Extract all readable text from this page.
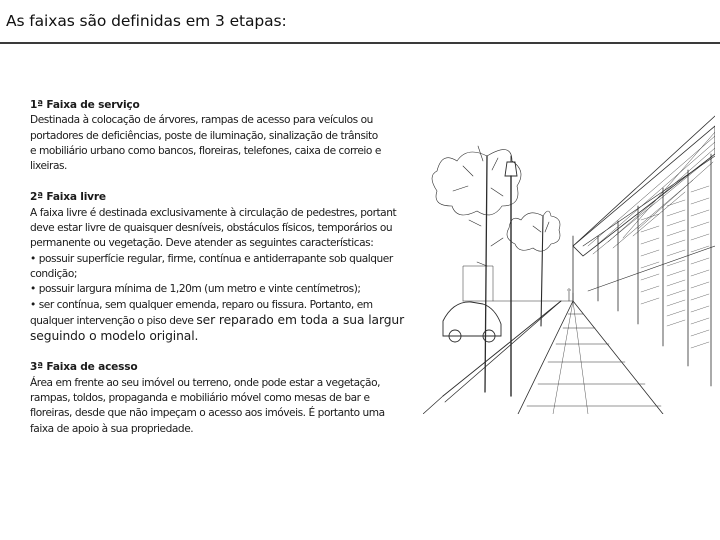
As faixas são definidas em 3 etapas:
1ª Faixa de serviço
Destinada à colocação de árvores, rampas de acesso para veículos ou
portadores de deficiências, poste de iluminação, sinalização de trânsito
e mobiliário urbano como bancos, floreiras, telefones, caixa de correio e
lixeiras.
2ª Faixa livre
A faixa livre é destinada exclusivamente à circulação de pedestres, portant
deve estar livre de quaisquer desníveis, obstáculos físicos, temporários ou
permanente ou vegetação. Deve atender as seguintes características:
• possuir superfície regular, firme, contínua e antiderrapante sob qualquer
condição;
• possuir largura mínima de 1,20m (um metro e vinte centímetros);
• ser contínua, sem qualquer emenda, reparo ou fissura. Portanto, em
qualquer intervenção o piso deve ser reparado em toda a sua largur
seguindo o modelo original.
3ª Faixa de acesso
Área em frente ao seu imóvel ou terreno, onde pode estar a vegetação,
rampas, toldos, propaganda e mobiliário móvel como mesas de bar e
floreiras, desde que não impeçam o acesso aos imóveis. É portanto uma
faixa de apoio à sua propriedade.
